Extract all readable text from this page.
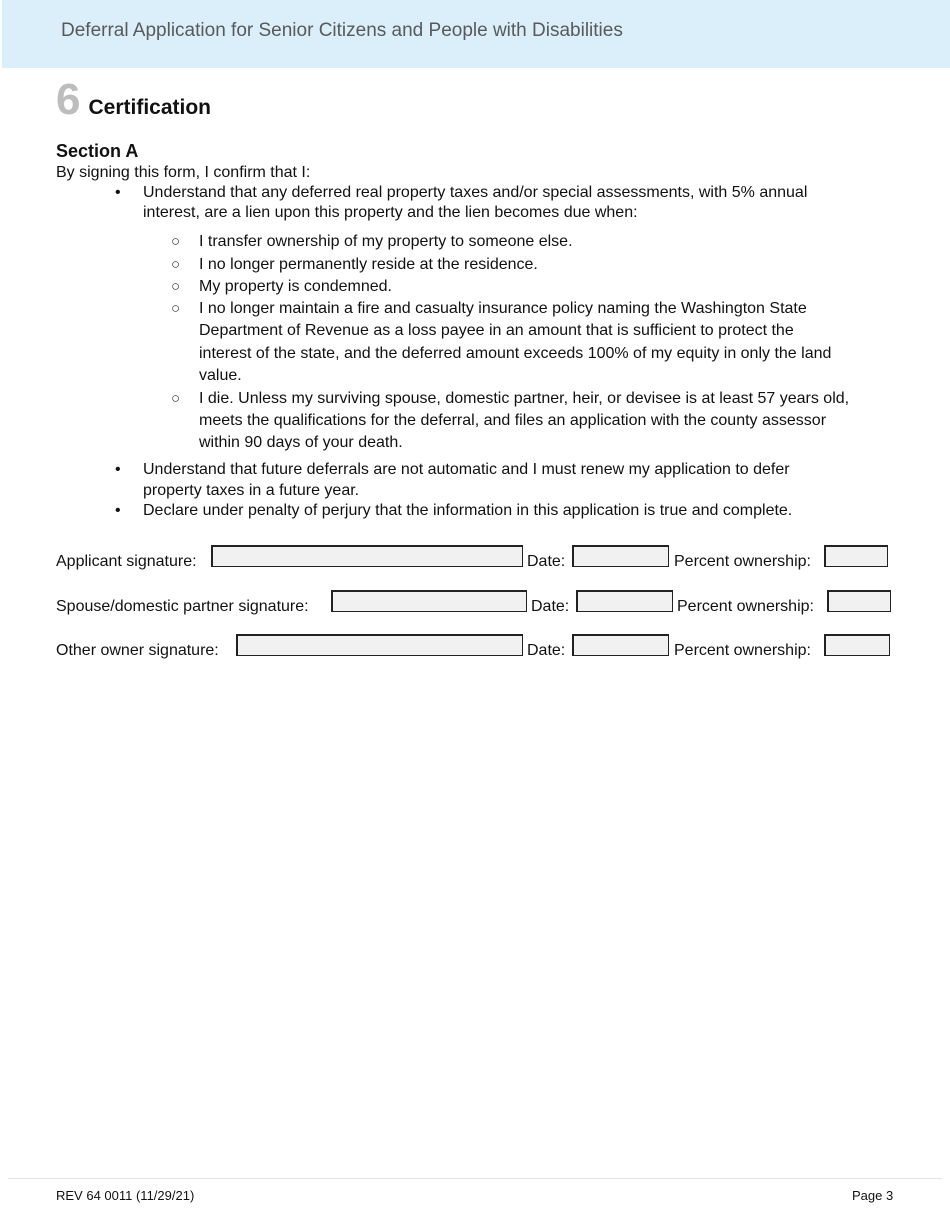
Deferral Application for Senior Citizens and People with Disabilities
6 Certification
Section A
By signing this form, I confirm that I:
• Understand that any deferred real property taxes and/or special assessments, with 5% annual
interest, are a lien upon this property and the lien becomes due when:
○ I transfer ownership of my property to someone else.
○ I no longer permanently reside at the residence.
○ My property is condemned.
○ I no longer maintain a fire and casualty insurance policy naming the Washington State
Department of Revenue as a loss payee in an amount that is sufficient to protect the
interest of the state, and the deferred amount exceeds 100% of my equity in only the land
value.
○ I die. Unless my surviving spouse, domestic partner, heir, or devisee is at least 57 years old,
meets the qualifications for the deferral, and files an application with the county assessor
within 90 days of your death.
• Understand that future deferrals are not automatic and I must renew my application to defer
property taxes in a future year.
• Declare under penalty of perjury that the information in this application is true and complete.
Applicant signature:	Date:	Percent ownership:
Spouse/domestic partner signature:	Date:	Percent ownership:
Other owner signature:	Date:	Percent ownership:
REV 64 0011 (11/29/21)	Page 3
